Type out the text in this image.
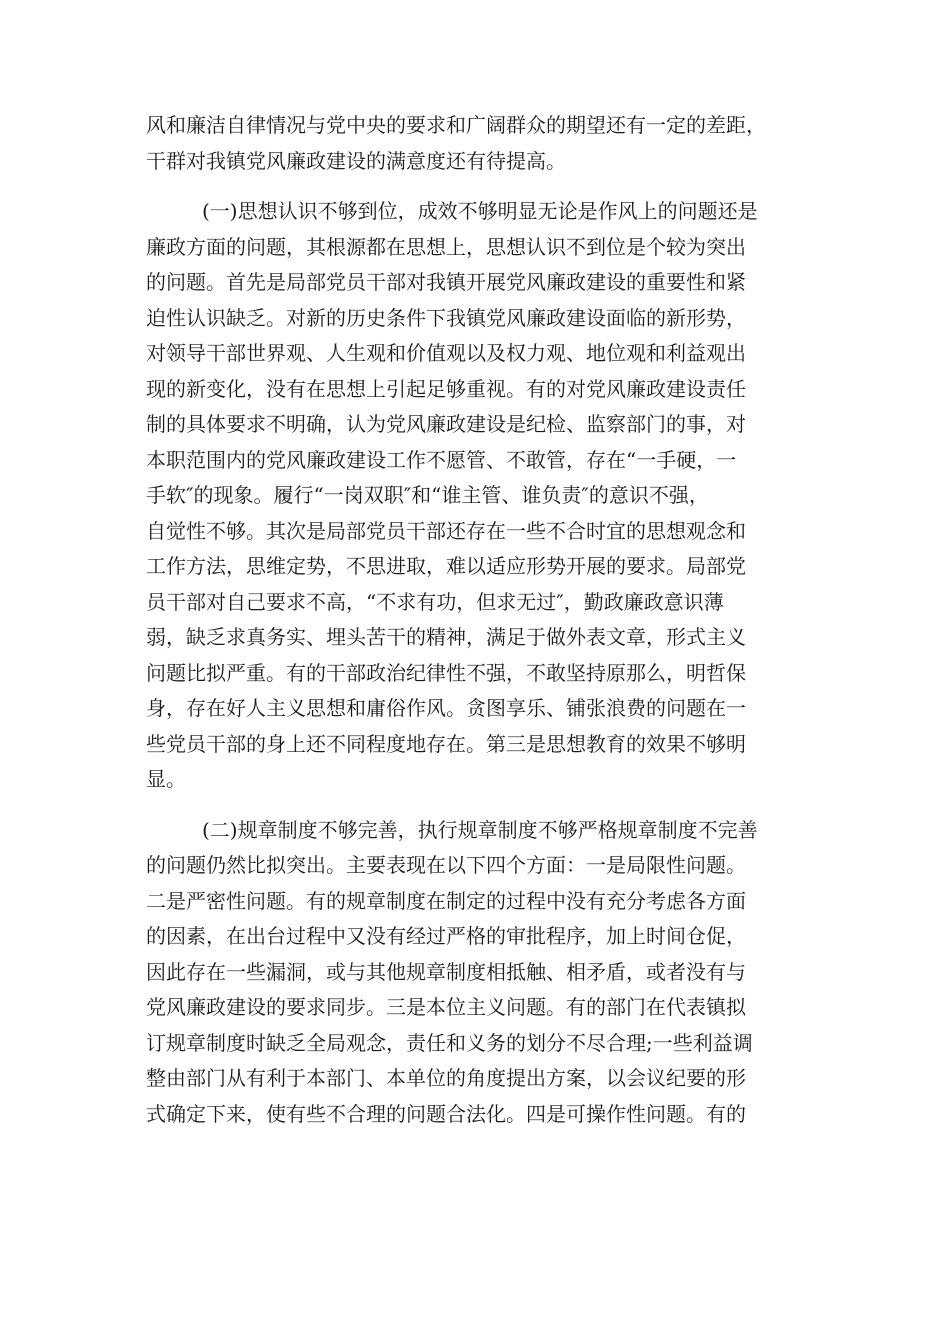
风和廉洁自律情况与党中央的要求和广阔群众的期望还有一定的差距，
干群对我镇党风廉政建设的满意度还有待提高。

(一)思想认识不够到位，成效不够明显无论是作风上的问题还是
廉政方面的问题，其根源都在思想上，思想认识不到位是个较为突出
的问题。首先是局部党员干部对我镇开展党风廉政建设的重要性和紧
迫性认识缺乏。对新的历史条件下我镇党风廉政建设面临的新形势，
对领导干部世界观、人生观和价值观以及权力观、地位观和利益观出
现的新变化，没有在思想上引起足够重视。有的对党风廉政建设责任
制的具体要求不明确，认为党风廉政建设是纪检、监察部门的事，对
本职范围内的党风廉政建设工作不愿管、不敢管，存在“一手硬，一
手软″的现象。履行“一岗双职″和“谁主管、谁负责″的意识不强，
自觉性不够。其次是局部党员干部还存在一些不合时宜的思想观念和
工作方法，思维定势，不思进取，难以适应形势开展的要求。局部党
员干部对自己要求不高，“不求有功，但求无过″，勤政廉政意识薄
弱，缺乏求真务实、埋头苦干的精神，满足于做外表文章，形式主义
问题比拟严重。有的干部政治纪律性不强，不敢坚持原那么，明哲保
身，存在好人主义思想和庸俗作风。贪图享乐、铺张浪费的问题在一
些党员干部的身上还不同程度地存在。第三是思想教育的效果不够明
显。

(二)规章制度不够完善，执行规章制度不够严格规章制度不完善
的问题仍然比拟突出。主要表现在以下四个方面：一是局限性问题。
二是严密性问题。有的规章制度在制定的过程中没有充分考虑各方面
的因素，在出台过程中又没有经过严格的审批程序，加上时间仓促，
因此存在一些漏洞，或与其他规章制度相抵触、相矛盾，或者没有与
党风廉政建设的要求同步。三是本位主义问题。有的部门在代表镇拟
订规章制度时缺乏全局观念，责任和义务的划分不尽合理;一些利益调
整由部门从有利于本部门、本单位的角度提出方案，以会议纪要的形
式确定下来，使有些不合理的问题合法化。四是可操作性问题。有的
